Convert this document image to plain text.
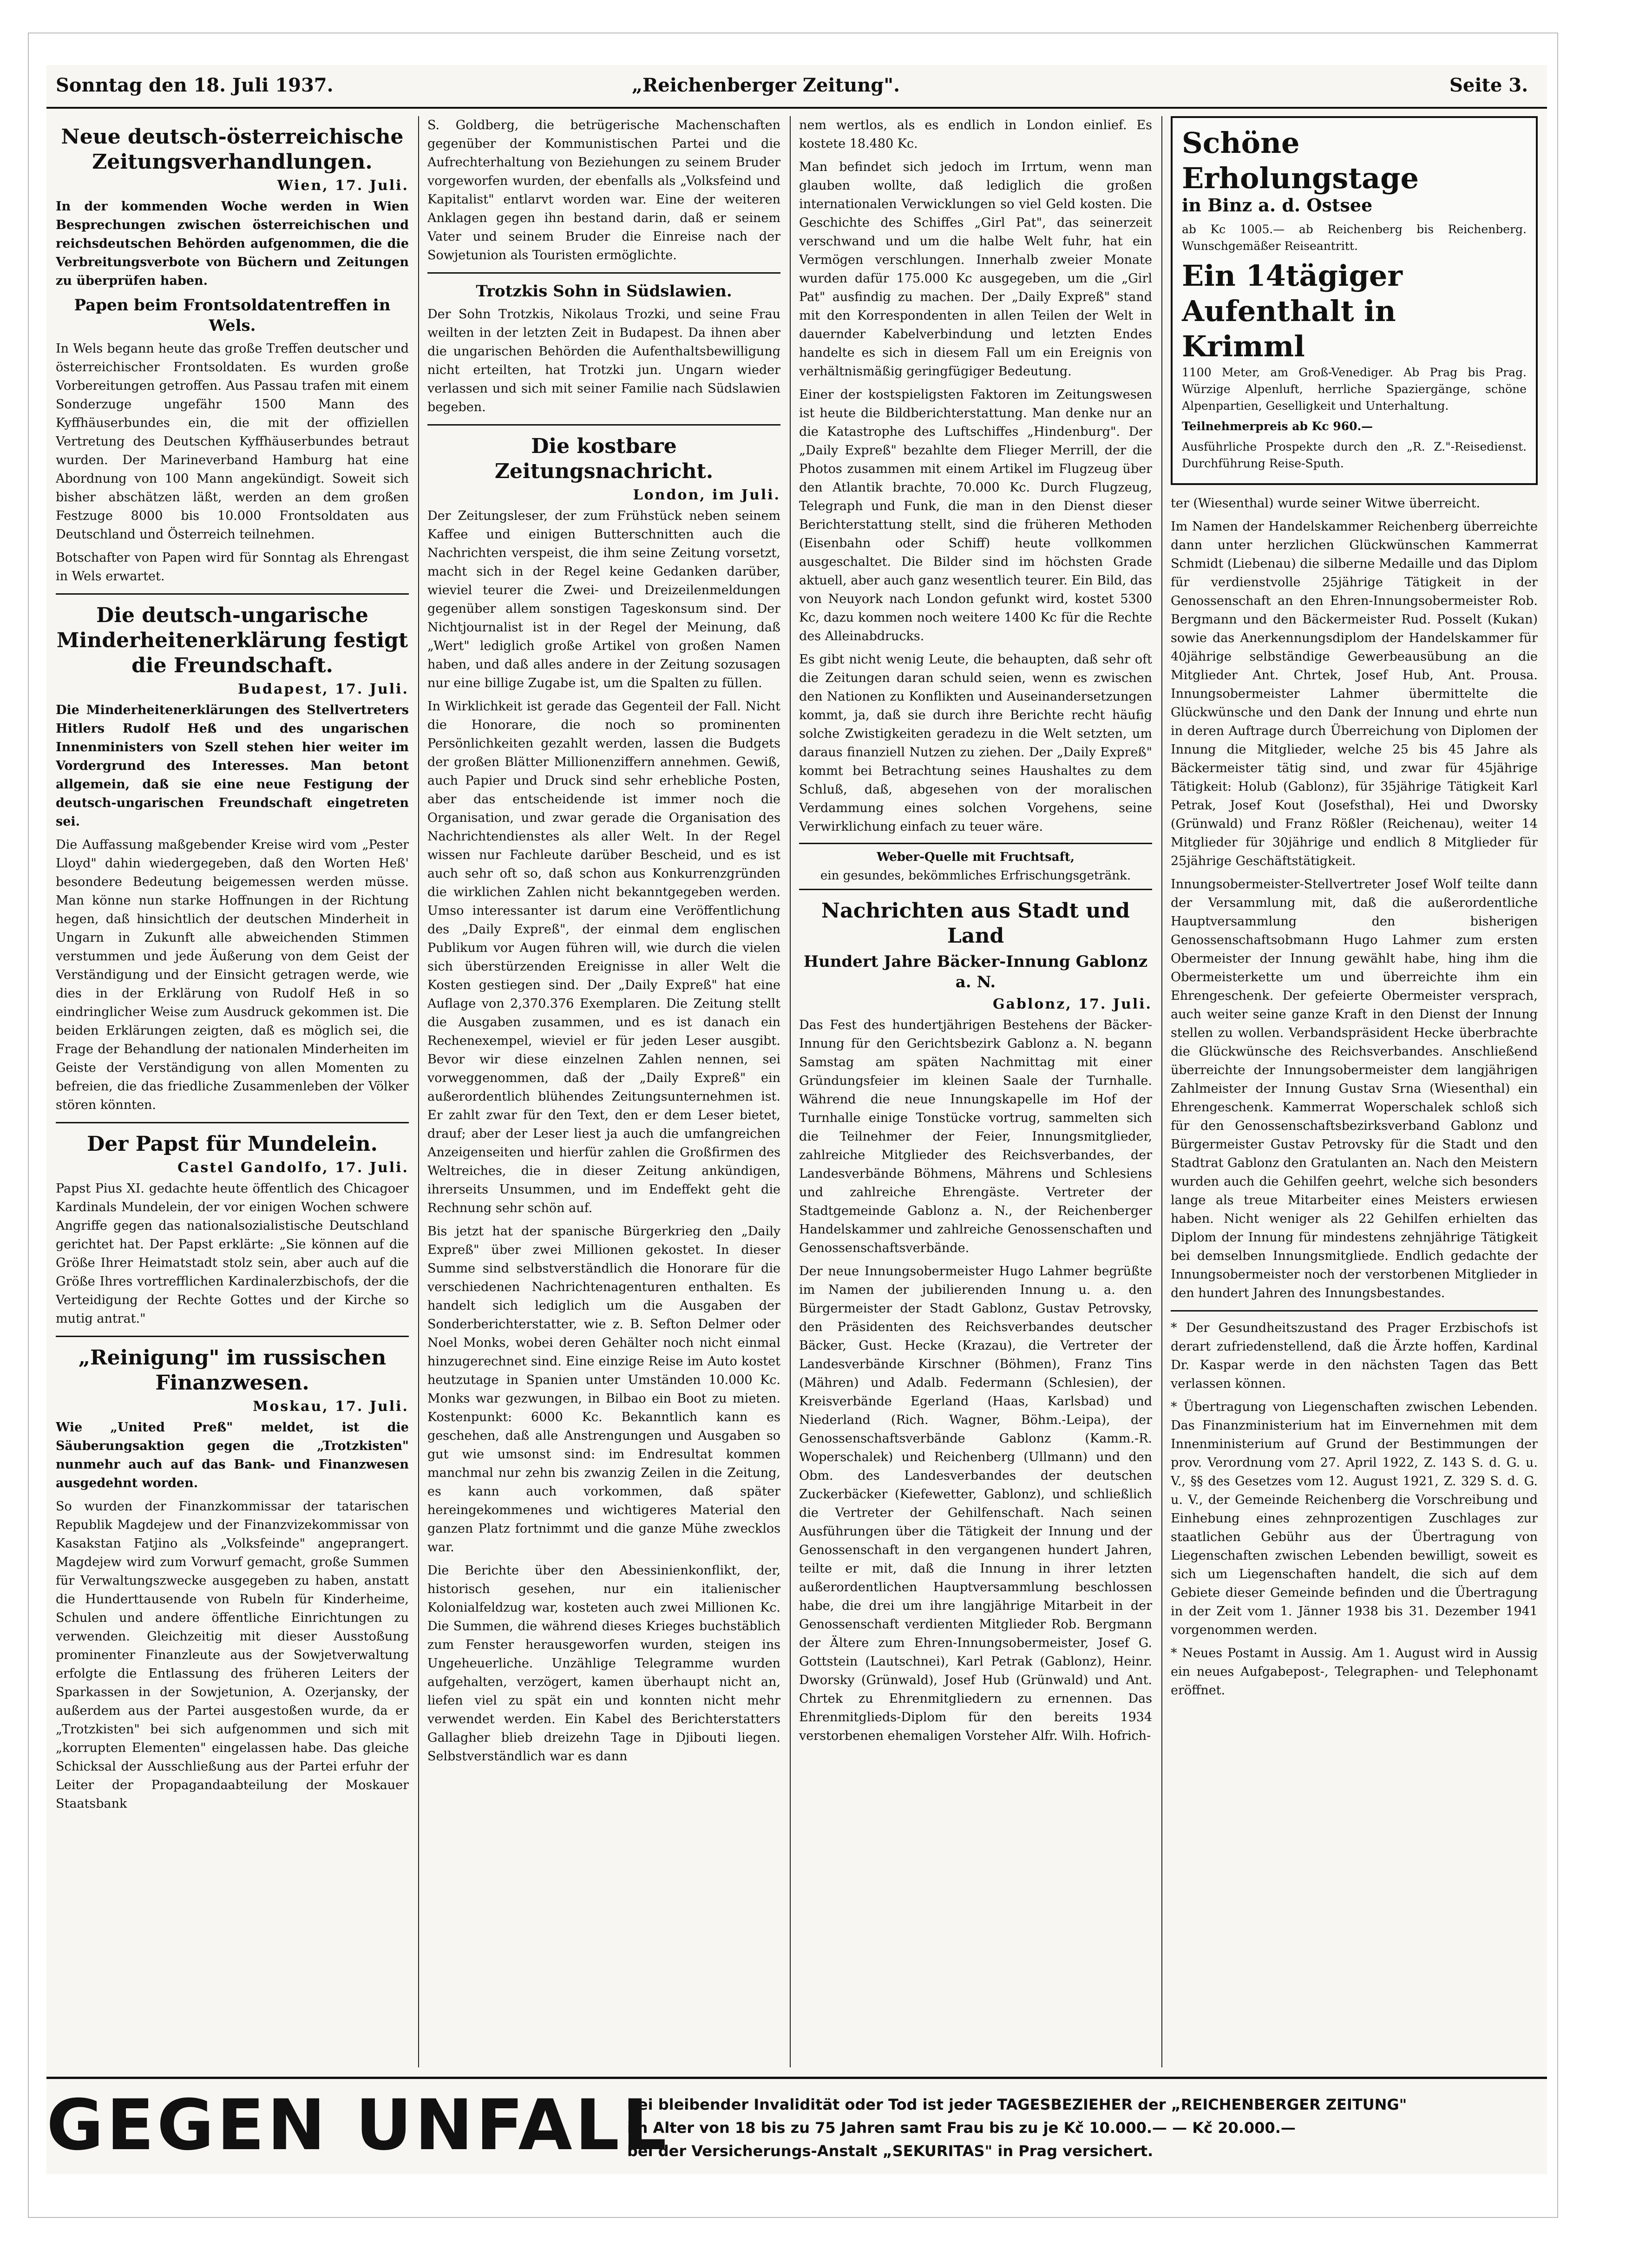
Sonntag den 18. Juli 1937.	„Reichenberger Zeitung".	Seite 3.
Neue deutsch-österreichische Zeitungsverhandlungen.
Wien, 17. Juli.

In der kommenden Woche werden in Wien Besprechungen zwischen österreichischen und reichsdeutschen Behörden aufgenommen, die die Verbreitungsverbote von Büchern und Zeitungen zu überprüfen haben.

Papen beim Frontsoldatentreffen in Wels.

In Wels begann heute das große Treffen deutscher und österreichischer Frontsoldaten. Es wurden große Vorbereitungen getroffen. Aus Passau trafen mit einem Sonderzuge ungefähr 1500 Mann des Kyffhäuserbundes ein, die mit der offiziellen Vertretung des Deutschen Kyffhäuserbundes betraut wurden. Der Marineverband Hamburg hat eine Abordnung von 100 Mann angekündigt. Soweit sich bisher abschätzen läßt, werden an dem großen Festzuge 8000 bis 10.000 Frontsoldaten aus Deutschland und Österreich teilnehmen.

Botschafter von Papen wird für Sonntag als Ehrengast in Wels erwartet.

Die deutsch-ungarische Minderheitenerklärung festigt die Freundschaft.
Budapest, 17. Juli.

Die Minderheitenerklärungen des Stellvertreters Hitlers Rudolf Heß und des ungarischen Innenministers von Szell stehen hier weiter im Vordergrund des Interesses. Man betont allgemein, daß sie eine neue Festigung der deutsch-ungarischen Freundschaft eingetreten sei.

Die Auffassung maßgebender Kreise wird vom „Pester Lloyd" dahin wiedergegeben, daß den Worten Heß' besondere Bedeutung beigemessen werden müsse. Man könne nun starke Hoffnungen in der Richtung hegen, daß hinsichtlich der deutschen Minderheit in Ungarn in Zukunft alle abweichenden Stimmen verstummen und jede Äußerung von dem Geist der Verständigung und der Einsicht getragen werde, wie dies in der Erklärung von Rudolf Heß in so eindringlicher Weise zum Ausdruck gekommen ist. Die beiden Erklärungen zeigten, daß es möglich sei, die Frage der Behandlung der nationalen Minderheiten im Geiste der Verständigung von allen Momenten zu befreien, die das friedliche Zusammenleben der Völker stören könnten.

Der Papst für Mundelein.
Castel Gandolfo, 17. Juli.

Papst Pius XI. gedachte heute öffentlich des Chicagoer Kardinals Mundelein, der vor einigen Wochen schwere Angriffe gegen das nationalsozialistische Deutschland gerichtet hat. Der Papst erklärte: „Sie können auf die Größe Ihrer Heimatstadt stolz sein, aber auch auf die Größe Ihres vortrefflichen Kardinalerzbischofs, der die Verteidigung der Rechte Gottes und der Kirche so mutig antrat."

„Reinigung" im russischen Finanzwesen.
Moskau, 17. Juli.

Wie „United Preß" meldet, ist die Säuberungsaktion gegen die „Trotzkisten" nunmehr auch auf das Bank- und Finanzwesen ausgedehnt worden.

So wurden der Finanzkommissar der tatarischen Republik Magdejew und der Finanzvizekommissar von Kasakstan Fatjino als „Volksfeinde" angeprangert. Magdejew wird zum Vorwurf gemacht, große Summen für Verwaltungszwecke ausgegeben zu haben, anstatt die Hunderttausende von Rubeln für Kinderheime, Schulen und andere öffentliche Einrichtungen zu verwenden. Gleichzeitig mit dieser Ausstoßung prominenter Finanzleute aus der Sowjetverwaltung erfolgte die Entlassung des früheren Leiters der Sparkassen in der Sowjetunion, A. Ozerjansky, der außerdem aus der Partei ausgestoßen wurde, da er „Trotzkisten" bei sich aufgenommen und sich mit „korrupten Elementen" eingelassen habe. Das gleiche Schicksal der Ausschließung aus der Partei erfuhr der Leiter der Propagandaabteilung der Moskauer Staatsbank

S. Goldberg, die betrügerische Machenschaften gegenüber der Kommunistischen Partei und die Aufrechterhaltung von Beziehungen zu seinem Bruder vorgeworfen wurden, der ebenfalls als „Volksfeind und Kapitalist" entlarvt worden war. Eine der weiteren Anklagen gegen ihn bestand darin, daß er seinem Vater und seinem Bruder die Einreise nach der Sowjetunion als Touristen ermöglichte.

Trotzkis Sohn in Südslawien.

Der Sohn Trotzkis, Nikolaus Trozki, und seine Frau weilten in der letzten Zeit in Budapest. Da ihnen aber die ungarischen Behörden die Aufenthaltsbewilligung nicht erteilten, hat Trotzki jun. Ungarn wieder verlassen und sich mit seiner Familie nach Südslawien begeben.

Die kostbare Zeitungsnachricht.
London, im Juli.

Der Zeitungsleser, der zum Frühstück neben seinem Kaffee und einigen Butterschnitten auch die Nachrichten verspeist, die ihm seine Zeitung vorsetzt, macht sich in der Regel keine Gedanken darüber, wieviel teurer die Zwei- und Dreizeilenmeldungen gegenüber allem sonstigen Tageskonsum sind. Der Nichtjournalist ist in der Regel der Meinung, daß „Wert" lediglich große Artikel von großen Namen haben, und daß alles andere in der Zeitung sozusagen nur eine billige Zugabe ist, um die Spalten zu füllen.

In Wirklichkeit ist gerade das Gegenteil der Fall. Nicht die Honorare, die noch so prominenten Persönlichkeiten gezahlt werden, lassen die Budgets der großen Blätter Millionenziffern annehmen. Gewiß, auch Papier und Druck sind sehr erhebliche Posten, aber das entscheidende ist immer noch die Organisation, und zwar gerade die Organisation des Nachrichtendienstes als aller Welt. In der Regel wissen nur Fachleute darüber Bescheid, und es ist auch sehr oft so, daß schon aus Konkurrenzgründen die wirklichen Zahlen nicht bekanntgegeben werden. Umso interessanter ist darum eine Veröffentlichung des „Daily Expreß", der einmal dem englischen Publikum vor Augen führen will, wie durch die vielen sich überstürzenden Ereignisse in aller Welt die Kosten gestiegen sind. Der „Daily Expreß" hat eine Auflage von 2,370.376 Exemplaren. Die Zeitung stellt die Ausgaben zusammen, und es ist danach ein Rechenexempel, wieviel er für jeden Leser ausgibt. Bevor wir diese einzelnen Zahlen nennen, sei vorweggenommen, daß der „Daily Expreß" ein außerordentlich blühendes Zeitungsunternehmen ist. Er zahlt zwar für den Text, den er dem Leser bietet, drauf; aber der Leser liest ja auch die umfangreichen Anzeigenseiten und hierfür zahlen die Großfirmen des Weltreiches, die in dieser Zeitung ankündigen, ihrerseits Unsummen, und im Endeffekt geht die Rechnung sehr schön auf.

Bis jetzt hat der spanische Bürgerkrieg den „Daily Expreß" über zwei Millionen gekostet. In dieser Summe sind selbstverständlich die Honorare für die verschiedenen Nachrichtenagenturen enthalten. Es handelt sich lediglich um die Ausgaben der Sonderberichterstatter, wie z. B. Sefton Delmer oder Noel Monks, wobei deren Gehälter noch nicht einmal hinzugerechnet sind. Eine einzige Reise im Auto kostet heutzutage in Spanien unter Umständen 10.000 Kc. Monks war gezwungen, in Bilbao ein Boot zu mieten. Kostenpunkt: 6000 Kc. Bekanntlich kann es geschehen, daß alle Anstrengungen und Ausgaben so gut wie umsonst sind: im Endresultat kommen manchmal nur zehn bis zwanzig Zeilen in die Zeitung, es kann auch vorkommen, daß später hereingekommenes und wichtigeres Material den ganzen Platz fortnimmt und die ganze Mühe zwecklos war.

Die Berichte über den Abessinienkonflikt, der, historisch gesehen, nur ein italienischer Kolonialfeldzug war, kosteten auch zwei Millionen Kc. Die Summen, die während dieses Krieges buchstäblich zum Fenster herausgeworfen wurden, steigen ins Ungeheuerliche. Unzählige Telegramme wurden aufgehalten, verzögert, kamen überhaupt nicht an, liefen viel zu spät ein und konnten nicht mehr verwendet werden. Ein Kabel des Berichterstatters Gallagher blieb dreizehn Tage in Djibouti liegen. Selbstverständlich war es dann

nem wertlos, als es endlich in London einlief. Es kostete 18.480 Kc.

Man befindet sich jedoch im Irrtum, wenn man glauben wollte, daß lediglich die großen internationalen Verwicklungen so viel Geld kosten. Die Geschichte des Schiffes „Girl Pat", das seinerzeit verschwand und um die halbe Welt fuhr, hat ein Vermögen verschlungen. Innerhalb zweier Monate wurden dafür 175.000 Kc ausgegeben, um die „Girl Pat" ausfindig zu machen. Der „Daily Expreß" stand mit den Korrespondenten in allen Teilen der Welt in dauernder Kabelverbindung und letzten Endes handelte es sich in diesem Fall um ein Ereignis von verhältnismäßig geringfügiger Bedeutung.

Einer der kostspieligsten Faktoren im Zeitungswesen ist heute die Bildberichterstattung. Man denke nur an die Katastrophe des Luftschiffes „Hindenburg". Der „Daily Expreß" bezahlte dem Flieger Merrill, der die Photos zusammen mit einem Artikel im Flugzeug über den Atlantik brachte, 70.000 Kc. Durch Flugzeug, Telegraph und Funk, die man in den Dienst dieser Berichterstattung stellt, sind die früheren Methoden (Eisenbahn oder Schiff) heute vollkommen ausgeschaltet. Die Bilder sind im höchsten Grade aktuell, aber auch ganz wesentlich teurer. Ein Bild, das von Neuyork nach London gefunkt wird, kostet 5300 Kc, dazu kommen noch weitere 1400 Kc für die Rechte des Alleinabdrucks.

Es gibt nicht wenig Leute, die behaupten, daß sehr oft die Zeitungen daran schuld seien, wenn es zwischen den Nationen zu Konflikten und Auseinandersetzungen kommt, ja, daß sie durch ihre Berichte recht häufig solche Zwistigkeiten geradezu in die Welt setzten, um daraus finanziell Nutzen zu ziehen. Der „Daily Expreß" kommt bei Betrachtung seines Haushaltes zu dem Schluß, daß, abgesehen von der moralischen Verdammung eines solchen Vorgehens, seine Verwirklichung einfach zu teuer wäre.

Weber-Quelle mit Fruchtsaft,

ein gesundes, bekömmliches Erfrischungsgetränk.

Nachrichten aus Stadt und Land
Hundert Jahre Bäcker-Innung Gablonz a. N.
Gablonz, 17. Juli.

Das Fest des hundertjährigen Bestehens der Bäcker-Innung für den Gerichtsbezirk Gablonz a. N. begann Samstag am späten Nachmittag mit einer Gründungsfeier im kleinen Saale der Turnhalle. Während die neue Innungskapelle im Hof der Turnhalle einige Tonstücke vortrug, sammelten sich die Teilnehmer der Feier, Innungsmitglieder, zahlreiche Mitglieder des Reichsverbandes, der Landesverbände Böhmens, Mährens und Schlesiens und zahlreiche Ehrengäste. Vertreter der Stadtgemeinde Gablonz a. N., der Reichenberger Handelskammer und zahlreiche Genossenschaften und Genossenschaftsverbände.

Der neue Innungsobermeister Hugo Lahmer begrüßte im Namen der jubilierenden Innung u. a. den Bürgermeister der Stadt Gablonz, Gustav Petrovsky, den Präsidenten des Reichsverbandes deutscher Bäcker, Gust. Hecke (Krazau), die Vertreter der Landesverbände Kirschner (Böhmen), Franz Tins (Mähren) und Adalb. Federmann (Schlesien), der Kreisverbände Egerland (Haas, Karlsbad) und Niederland (Rich. Wagner, Böhm.-Leipa), der Genossenschaftsverbände Gablonz (Kamm.-R. Woperschalek) und Reichenberg (Ullmann) und den Obm. des Landesverbandes der deutschen Zuckerbäcker (Kiefewetter, Gablonz), und schließlich die Vertreter der Gehilfenschaft. Nach seinen Ausführungen über die Tätigkeit der Innung und der Genossenschaft in den vergangenen hundert Jahren, teilte er mit, daß die Innung in ihrer letzten außerordentlichen Hauptversammlung beschlossen habe, die drei um ihre langjährige Mitarbeit in der Genossenschaft verdienten Mitglieder Rob. Bergmann der Ältere zum Ehren-Innungsobermeister, Josef G. Gottstein (Lautschnei), Karl Petrak (Gablonz), Heinr. Dworsky (Grünwald), Josef Hub (Grünwald) und Ant. Chrtek zu Ehrenmitgliedern zu ernennen. Das Ehrenmitglieds-Diplom für den bereits 1934 verstorbenen ehemaligen Vorsteher Alfr. Wilh. Hofrich-

Schöne Erholungstage

in Binz a. d. Ostsee

ab Kc 1005.— ab Reichenberg bis Reichenberg. Wunschgemäßer Reiseantritt.

Ein 14tägiger Aufenthalt in Krimml

1100 Meter, am Groß-Venediger. Ab Prag bis Prag. Würzige Alpenluft, herrliche Spaziergänge, schöne Alpenpartien, Geselligkeit und Unterhaltung.

Teilnehmerpreis ab Kc 960.—

Ausführliche Prospekte durch den „R. Z."-Reisedienst. Durchführung Reise-Sputh.

ter (Wiesenthal) wurde seiner Witwe überreicht.

Im Namen der Handelskammer Reichenberg überreichte dann unter herzlichen Glückwünschen Kammerrat Schmidt (Liebenau) die silberne Medaille und das Diplom für verdienstvolle 25jährige Tätigkeit in der Genossenschaft an den Ehren-Innungsobermeister Rob. Bergmann und den Bäckermeister Rud. Posselt (Kukan) sowie das Anerkennungsdiplom der Handelskammer für 40jährige selbständige Gewerbeausübung an die Mitglieder Ant. Chrtek, Josef Hub, Ant. Prousa. Innungsobermeister Lahmer übermittelte die Glückwünsche und den Dank der Innung und ehrte nun in deren Auftrage durch Überreichung von Diplomen der Innung die Mitglieder, welche 25 bis 45 Jahre als Bäckermeister tätig sind, und zwar für 45jährige Tätigkeit: Holub (Gablonz), für 35jährige Tätigkeit Karl Petrak, Josef Kout (Josefsthal), Hei und Dworsky (Grünwald) und Franz Rößler (Reichenau), weiter 14 Mitglieder für 30jährige und endlich 8 Mitglieder für 25jährige Geschäftstätigkeit.

Innungsobermeister-Stellvertreter Josef Wolf teilte dann der Versammlung mit, daß die außerordentliche Hauptversammlung den bisherigen Genossenschaftsobmann Hugo Lahmer zum ersten Obermeister der Innung gewählt habe, hing ihm die Obermeisterkette um und überreichte ihm ein Ehrengeschenk. Der gefeierte Obermeister versprach, auch weiter seine ganze Kraft in den Dienst der Innung stellen zu wollen. Verbandspräsident Hecke überbrachte die Glückwünsche des Reichsverbandes. Anschließend überreichte der Innungsobermeister dem langjährigen Zahlmeister der Innung Gustav Srna (Wiesenthal) ein Ehrengeschenk. Kammerrat Woperschalek schloß sich für den Genossenschaftsbezirksverband Gablonz und Bürgermeister Gustav Petrovsky für die Stadt und den Stadtrat Gablonz den Gratulanten an. Nach den Meistern wurden auch die Gehilfen geehrt, welche sich besonders lange als treue Mitarbeiter eines Meisters erwiesen haben. Nicht weniger als 22 Gehilfen erhielten das Diplom der Innung für mindestens zehnjährige Tätigkeit bei demselben Innungsmitgliede. Endlich gedachte der Innungsobermeister noch der verstorbenen Mitglieder in den hundert Jahren des Innungsbestandes.

* Der Gesundheitszustand des Prager Erzbischofs ist derart zufriedenstellend, daß die Ärzte hoffen, Kardinal Dr. Kaspar werde in den nächsten Tagen das Bett verlassen können.

* Übertragung von Liegenschaften zwischen Lebenden. Das Finanzministerium hat im Einvernehmen mit dem Innenministerium auf Grund der Bestimmungen der prov. Verordnung vom 27. April 1922, Z. 143 S. d. G. u. V., §§ des Gesetzes vom 12. August 1921, Z. 329 S. d. G. u. V., der Gemeinde Reichenberg die Vorschreibung und Einhebung eines zehnprozentigen Zuschlages zur staatlichen Gebühr aus der Übertragung von Liegenschaften zwischen Lebenden bewilligt, soweit es sich um Liegenschaften handelt, die sich auf dem Gebiete dieser Gemeinde befinden und die Übertragung in der Zeit vom 1. Jänner 1938 bis 31. Dezember 1941 vorgenommen werden.

* Neues Postamt in Aussig. Am 1. August wird in Aussig ein neues Aufgabepost-, Telegraphen- und Telephonamt eröffnet.

GEGEN UNFALL
bei bleibender Invalidität oder Tod ist jeder TAGESBEZIEHER der „REICHENBERGER ZEITUNG"
im Alter von 18 bis zu 75 Jahren samt Frau bis zu je Kč 10.000.— — Kč 20.000.—
bei der Versicherungs-Anstalt „SEKURITAS" in Prag versichert.
